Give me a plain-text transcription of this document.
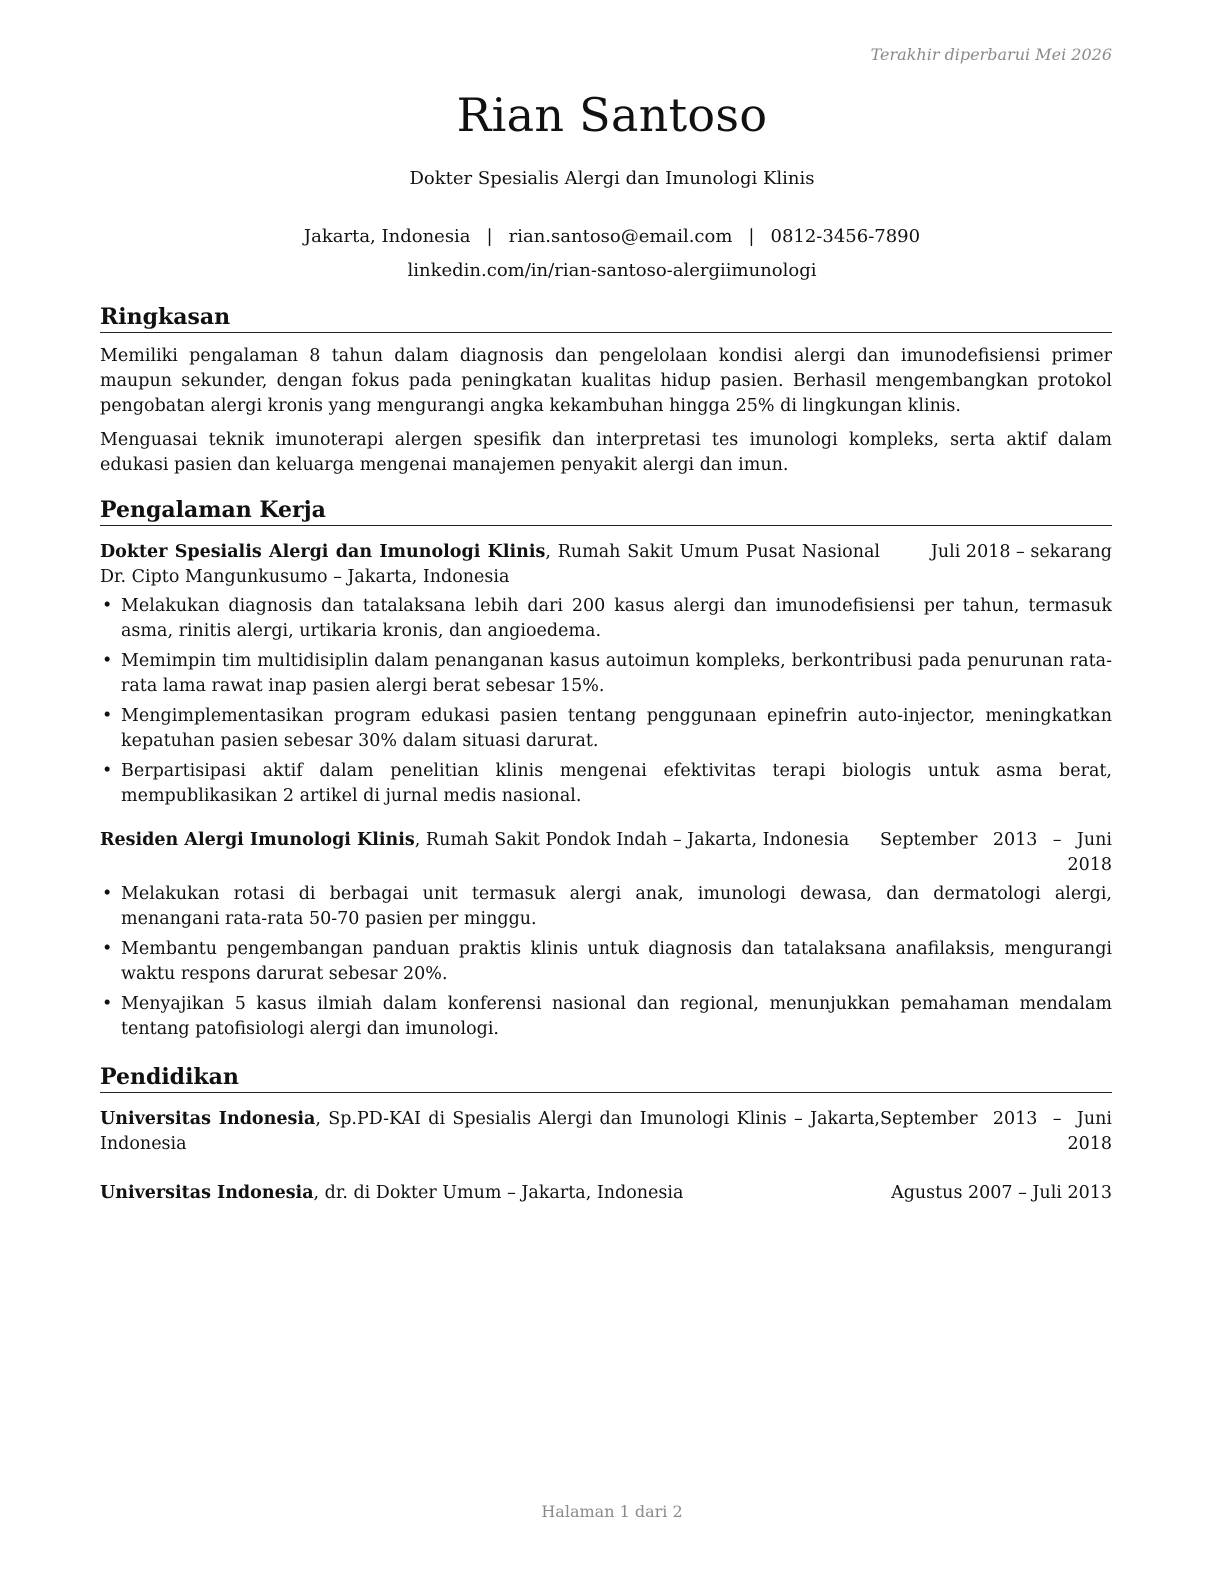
Terakhir diperbarui Mei 2026
Rian Santoso
Dokter Spesialis Alergi dan Imunologi Klinis
Jakarta, Indonesia | rian.santoso@email.com | 0812-3456-7890
linkedin.com/in/rian-santoso-alergiimunologi
Ringkasan

Memiliki pengalaman 8 tahun dalam diagnosis dan pengelolaan kondisi alergi dan imunodefisiensi primer maupun sekunder, dengan fokus pada peningkatan kualitas hidup pasien. Berhasil mengembangkan protokol pengobatan alergi kronis yang mengurangi angka kekambuhan hingga 25% di lingkungan klinis.

Menguasai teknik imunoterapi alergen spesifik dan interpretasi tes imunologi kompleks, serta aktif dalam edukasi pasien dan keluarga mengenai manajemen penyakit alergi dan imun.

Pengalaman Kerja
Dokter Spesialis Alergi dan Imunologi Klinis, Rumah Sakit Umum Pusat Nasional Dr. Cipto Mangunkusumo – Jakarta, Indonesia
Juli 2018 – sekarang
• Melakukan diagnosis dan tatalaksana lebih dari 200 kasus alergi dan imunodefisiensi per tahun, termasuk asma, rinitis alergi, urtikaria kronis, dan angioedema.
• Memimpin tim multidisiplin dalam penanganan kasus autoimun kompleks, berkontribusi pada penurunan rata-rata lama rawat inap pasien alergi berat sebesar 15%.
• Mengimplementasikan program edukasi pasien tentang penggunaan epinefrin auto-injector, meningkatkan kepatuhan pasien sebesar 30% dalam situasi darurat.
• Berpartisipasi aktif dalam penelitian klinis mengenai efektivitas terapi biologis untuk asma berat, mempublikasikan 2 artikel di jurnal medis nasional.
Residen Alergi Imunologi Klinis, Rumah Sakit Pondok Indah – Jakarta, Indonesia	September 2013 – Juni 2018
• Melakukan rotasi di berbagai unit termasuk alergi anak, imunologi dewasa, dan dermatologi alergi, menangani rata-rata 50-70 pasien per minggu.
• Membantu pengembangan panduan praktis klinis untuk diagnosis dan tatalaksana anafilaksis, mengurangi waktu respons darurat sebesar 20%.
• Menyajikan 5 kasus ilmiah dalam konferensi nasional dan regional, menunjukkan pemahaman mendalam tentang patofisiologi alergi dan imunologi.
Pendidikan
Universitas Indonesia, Sp.PD-KAI di Spesialis Alergi dan Imunologi Klinis – Jakarta, Indonesia
September 2013 – Juni 2018
Universitas Indonesia, dr. di Dokter Umum – Jakarta, Indonesia	Agustus 2007 – Juli 2013
Halaman 1 dari 2
